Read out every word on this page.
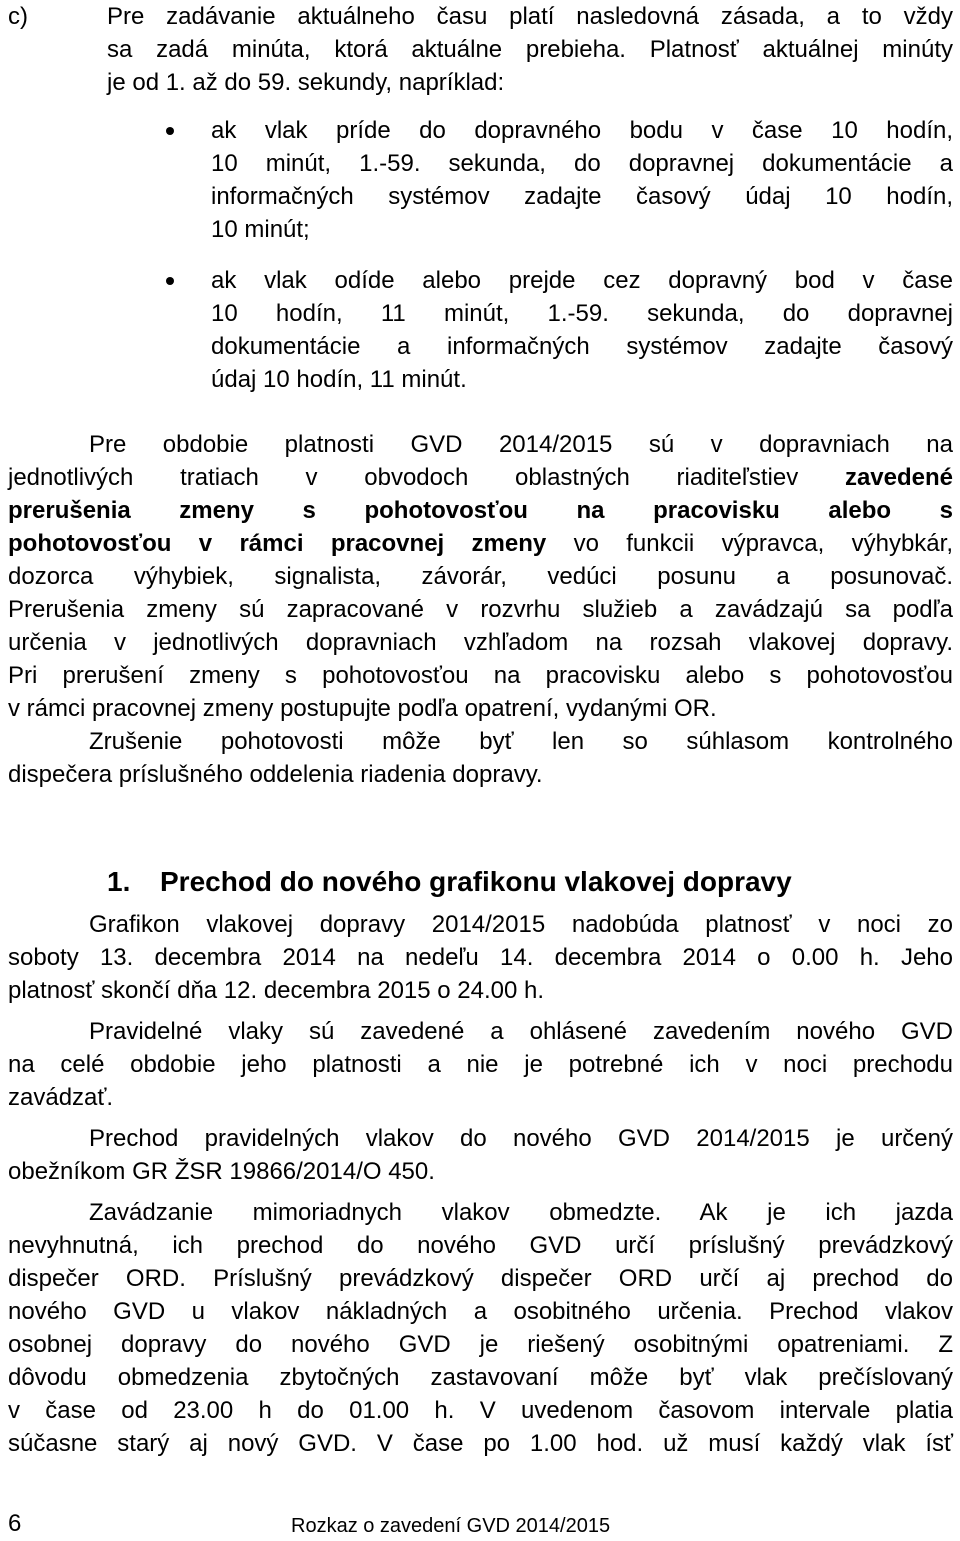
c)	Pre zadávanie aktuálneho času platí nasledovná zásada, a to vždy
sa zadá minúta, ktorá aktuálne prebieha. Platnosť aktuálnej minúty
je od 1. až do 59. sekundy, napríklad:
ak vlak príde do dopravného bodu v čase 10 hodín,
10 minút, 1.-59. sekunda, do dopravnej dokumentácie a
informačných systémov zadajte časový údaj 10 hodín,
10 minút;
ak vlak odíde alebo prejde cez dopravný bod v čase
10 hodín, 11 minút, 1.-59. sekunda, do dopravnej
dokumentácie a informačných systémov zadajte časový
údaj 10 hodín, 11 minút.
Pre obdobie platnosti GVD 2014/2015 sú v dopravniach na
jednotlivých tratiach v obvodoch oblastných riaditeľstiev zavedené
prerušenia zmeny s pohotovosťou na pracovisku alebo s
pohotovosťou v rámci pracovnej zmeny vo funkcii výpravca, výhybkár,
dozorca výhybiek, signalista, závorár, vedúci posunu a posunovač.
Prerušenia zmeny sú zapracované v rozvrhu služieb a zavádzajú sa podľa
určenia v jednotlivých dopravniach vzhľadom na rozsah vlakovej dopravy.
Pri prerušení zmeny s pohotovosťou na pracovisku alebo s pohotovosťou
v rámci pracovnej zmeny postupujte podľa opatrení, vydanými OR.
Zrušenie pohotovosti môže byť len so súhlasom kontrolného
dispečera príslušného oddelenia riadenia dopravy.
1. Prechod do nového grafikonu vlakovej dopravy
Grafikon vlakovej dopravy 2014/2015 nadobúda platnosť v noci zo
soboty 13. decembra 2014 na nedeľu 14. decembra 2014 o 0.00 h. Jeho
platnosť skončí dňa 12. decembra 2015 o 24.00 h.
Pravidelné vlaky sú zavedené a ohlásené zavedením nového GVD
na celé obdobie jeho platnosti a nie je potrebné ich v noci prechodu
zavádzať.
Prechod pravidelných vlakov do nového GVD 2014/2015 je určený
obežníkom GR ŽSR 19866/2014/O 450.
Zavádzanie mimoriadnych vlakov obmedzte. Ak je ich jazda
nevyhnutná, ich prechod do nového GVD určí príslušný prevádzkový
dispečer ORD. Príslušný prevádzkový dispečer ORD určí aj prechod do
nového GVD u vlakov nákladných a osobitného určenia. Prechod vlakov
osobnej dopravy do nového GVD je riešený osobitnými opatreniami. Z
dôvodu obmedzenia zbytočných zastavovaní môže byť vlak prečíslovaný
v čase od 23.00 h do 01.00 h. V uvedenom časovom intervale platia
súčasne starý aj nový GVD. V čase po 1.00 hod. už musí každý vlak ísť
6	Rozkaz o zavedení GVD 2014/2015
